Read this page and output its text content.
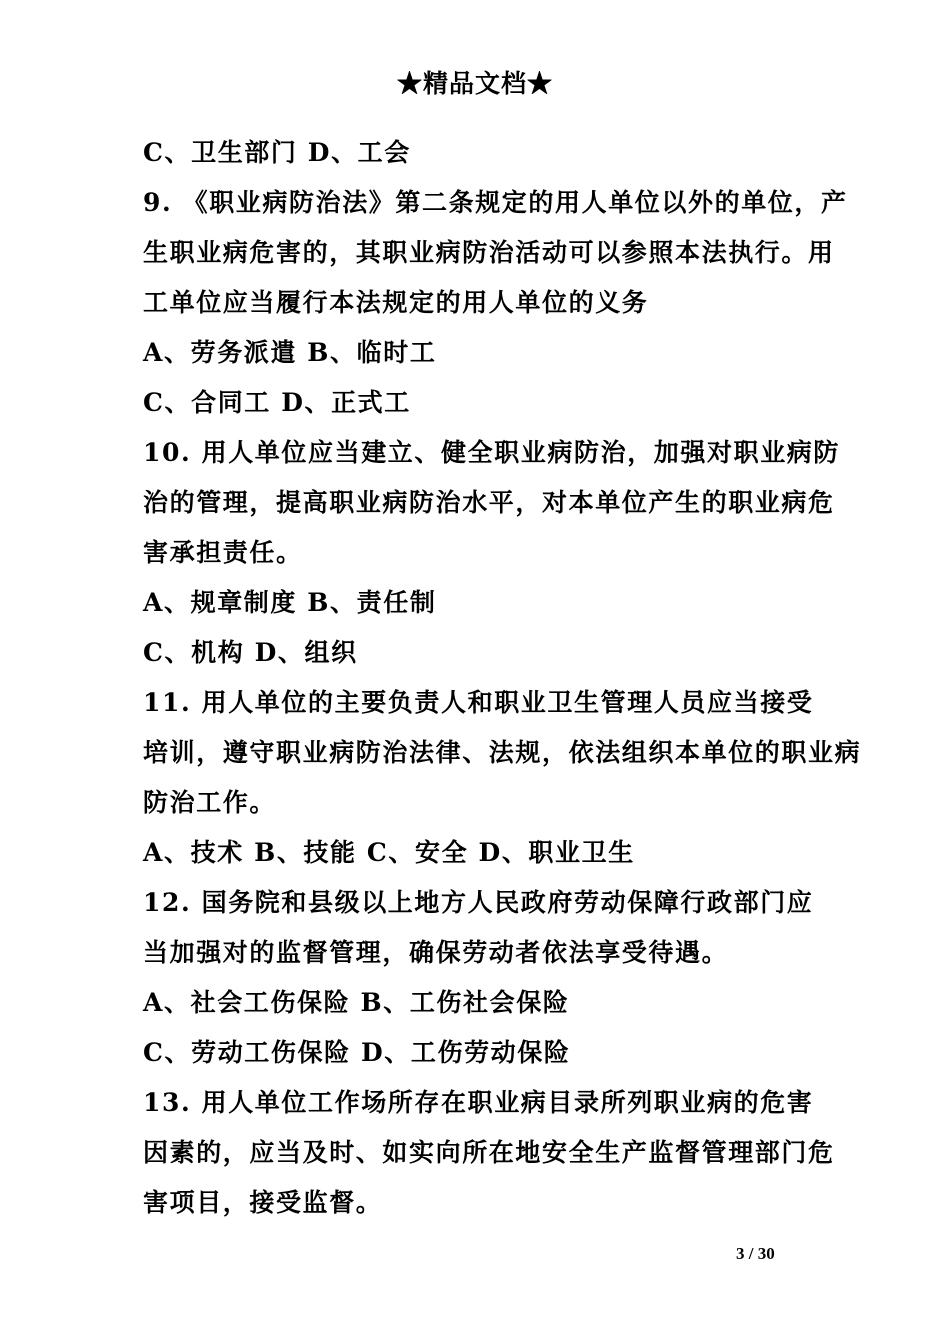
★精品文档★
C、卫生部门 D、工会
9. 《职业病防治法》第二条规定的用人单位以外的单位，产
生职业病危害的，其职业病防治活动可以参照本法执行。用
工单位应当履行本法规定的用人单位的义务
A、劳务派遣 B、临时工
C、合同工 D、正式工
10. 用人单位应当建立、健全职业病防治，加强对职业病防
治的管理，提高职业病防治水平，对本单位产生的职业病危
害承担责任。
A、规章制度 B、责任制
C、机构 D、组织
11. 用人单位的主要负责人和职业卫生管理人员应当接受
培训，遵守职业病防治法律、法规，依法组织本单位的职业病
防治工作。
A、技术 B、技能 C、安全 D、职业卫生
12. 国务院和县级以上地方人民政府劳动保障行政部门应
当加强对的监督管理，确保劳动者依法享受待遇。
A、社会工伤保险 B、工伤社会保险
C、劳动工伤保险 D、工伤劳动保险
13. 用人单位工作场所存在职业病目录所列职业病的危害
因素的，应当及时、如实向所在地安全生产监督管理部门危
害项目，接受监督。
3 / 30
